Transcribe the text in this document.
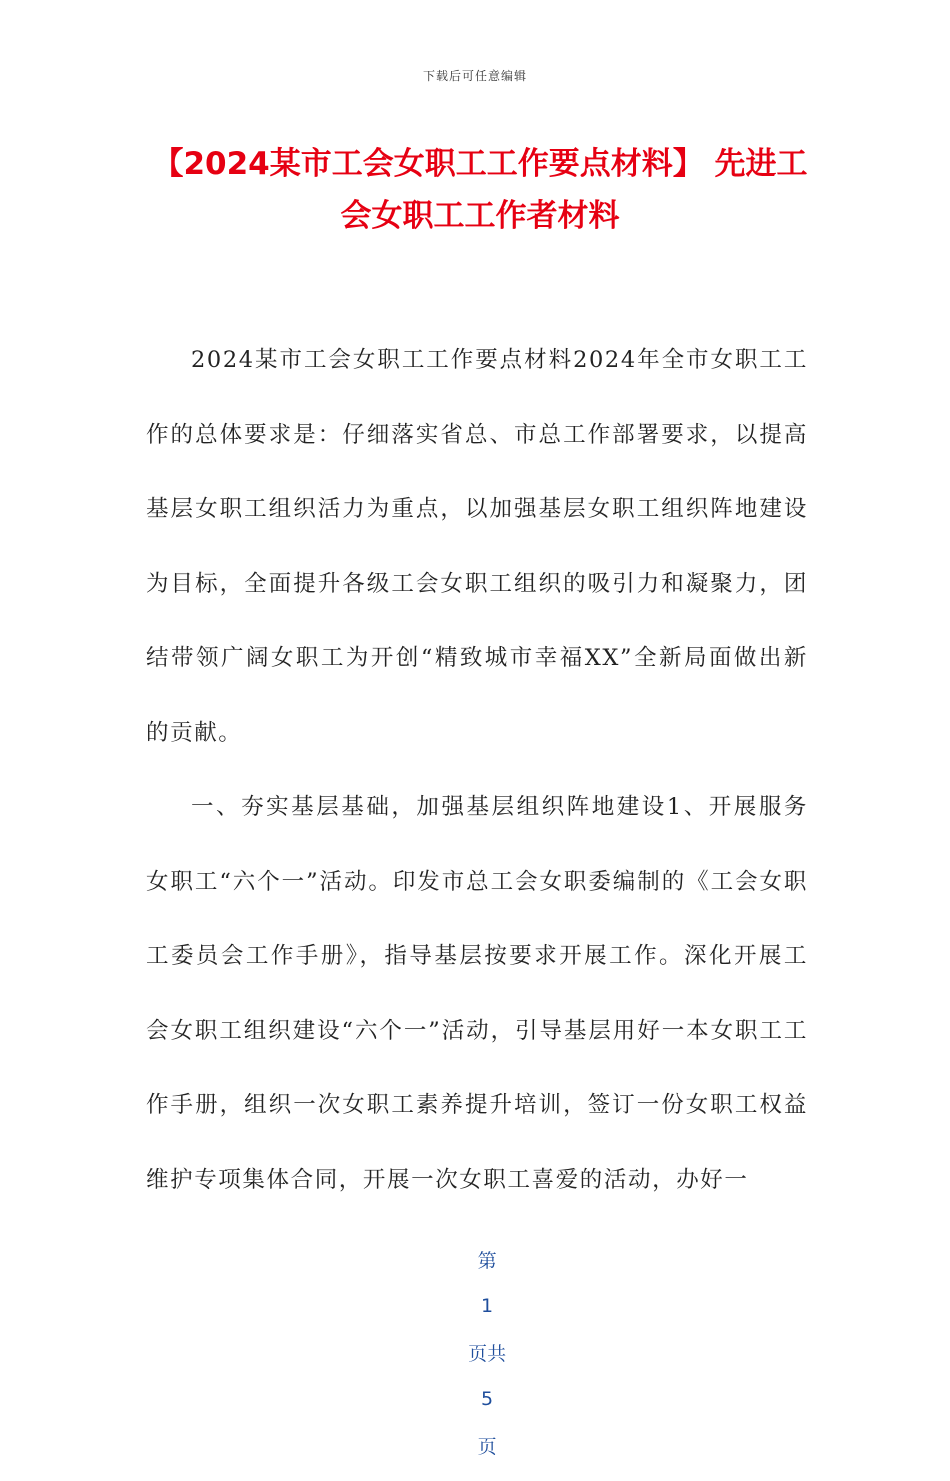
下载后可任意编辑
【2024某市工会女职工工作要点材料】 先进工会女职工工作者材料

2024某市工会女职工工作要点材料2024年全市女职工工作的总体要求是：仔细落实省总、市总工作部署要求，以提高基层女职工组织活力为重点，以加强基层女职工组织阵地建设为目标，全面提升各级工会女职工组织的吸引力和凝聚力，团结带领广阔女职工为开创“精致城市幸福XX”全新局面做出新的贡献。

一、夯实基层基础，加强基层组织阵地建设1、开展服务女职工“六个一”活动。印发市总工会女职委编制的《工会女职工委员会工作手册》，指导基层按要求开展工作。深化开展工会女职工组织建设“六个一”活动，引导基层用好一本女职工工作手册，组织一次女职工素养提升培训，签订一份女职工权益维护专项集体合同，开展一次女职工喜爱的活动，办好一

第

1

页共

5

页
